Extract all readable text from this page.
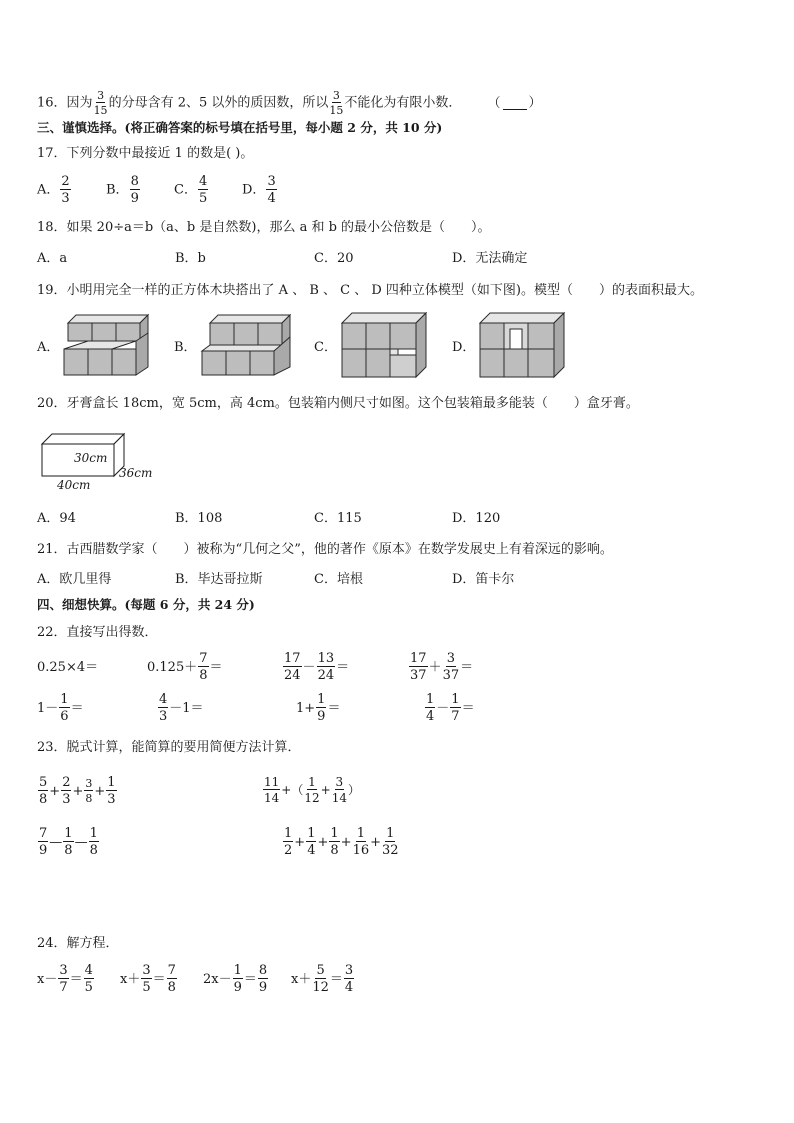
16．因为 $\frac{3}{15}$ 的分母含有 2、5 以外的质因数，所以 $\frac{3}{15}$ 不能化为有限小数． （ ）
三、谨慎选择。(将正确答案的标号填在括号里，每小题 2 分，共 10 分)
17．下列分数中最接近 1 的数是( )。
A． $\frac{2}{3}$	B． $\frac{8}{9}$	C． $\frac{4}{5}$	D． $\frac{3}{4}$
18．如果 20÷a＝b（a、b 是自然数)，那么 a 和 b 的最小公倍数是（　　）。
A．a	B．b	C．20	D．无法确定
19．小明用完全一样的正方体木块搭出了 A 、 B 、 C 、 D 四种立体模型（如下图)。模型（　　）的表面积最大。
A．	B．	C．	D．
20．牙膏盒长 18cm，宽 5cm，高 4cm。包装箱内侧尺寸如图。这个包装箱最多能装（　　）盒牙膏。
30cm
36cm
40cm
A．94	B．108	C．115	D．120
21．古西腊数学家（　　）被称为“几何之父”，他的著作《原本》在数学发展史上有着深远的影响。
A．欧几里得	B．毕达哥拉斯	C．培根	D．笛卡尔
四、细想快算。(每题 6 分，共 24 分)
22．直接写出得数．
0.25×4＝	$0.125+ \frac{7}{8}$ ＝	$\frac{17}{24} - \frac{13}{24}$ ＝	$\frac{17}{37} + \frac{3}{37}$ ＝
$1- \frac{1}{6}$ ＝	$\frac{4}{3} -1=$	$1+ \frac{1}{9}$ ＝	$\frac{1}{4} - \frac{1}{7}$ ＝
23．脱式计算，能简算的要用简便方法计算．
$\frac{5}{8} + \frac{2}{3} + \frac{3}{8} + \frac{1}{3}$	$\frac{11}{14}$ +（ $\frac{1}{12} + \frac{3}{14}$ ）
$\frac{7}{9}$ — $\frac{1}{8}$ — $\frac{1}{8}$	$\frac{1}{2} + \frac{1}{4} + \frac{1}{8} + \frac{1}{16} + \frac{1}{32}$
24．解方程．
$x- \frac{3}{7} = \frac{4}{5} x+ \frac{3}{5} = \frac{7}{8} 2x- \frac{1}{9} = \frac{8}{9} x+ \frac{5}{12} = \frac{3}{4}$
